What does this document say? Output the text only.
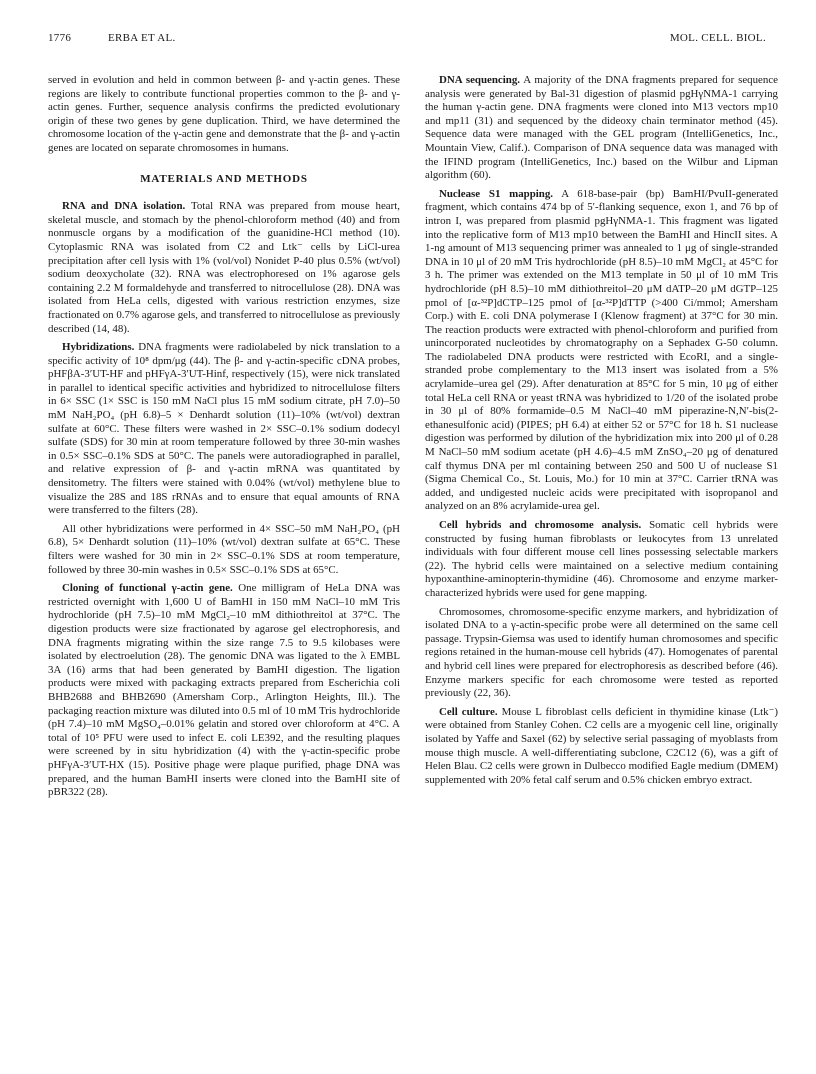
1776	ERBA ET AL.	MOL. CELL. BIOL.

served in evolution and held in common between β- and γ-actin genes. These regions are likely to contribute functional properties common to the β- and γ-actin genes. Further, sequence analysis confirms the predicted evolutionary origin of these two genes by gene duplication. Third, we have determined the chromosome location of the γ-actin gene and demonstrate that the β- and γ-actin genes are located on separate chromosomes in humans.

MATERIALS AND METHODS

RNA and DNA isolation. Total RNA was prepared from mouse heart, skeletal muscle, and stomach by the phenol-chloroform method (40) and from nonmuscle organs by a modification of the guanidine-HCl method (10). Cytoplasmic RNA was isolated from C2 and Ltk⁻ cells by LiCl-urea precipitation after cell lysis with 1% (vol/vol) Nonidet P-40 plus 0.5% (wt/vol) sodium deoxycholate (32). RNA was electrophoresed on 1% agarose gels containing 2.2 M formaldehyde and transferred to nitrocellulose (28). DNA was isolated from HeLa cells, digested with various restriction enzymes, size fractionated on 0.7% agarose gels, and transferred to nitrocellulose as previously described (14, 48).

Hybridizations. DNA fragments were radiolabeled by nick translation to a specific activity of 10⁸ dpm/μg (44). The β- and γ-actin-specific cDNA probes, pHFβA-3′UT-HF and pHFγA-3′UT-Hinf, respectively (15), were nick translated in parallel to identical specific activities and hybridized to nitrocellulose filters in 6× SSC (1× SSC is 150 mM NaCl plus 15 mM sodium citrate, pH 7.0)–50 mM NaH₂PO₄ (pH 6.8)–5 × Denhardt solution (11)–10% (wt/vol) dextran sulfate at 60°C. These filters were washed in 2× SSC–0.1% sodium dodecyl sulfate (SDS) for 30 min at room temperature followed by three 30-min washes in 0.5× SSC–0.1% SDS at 50°C. The panels were autoradiographed in parallel, and relative expression of β- and γ-actin mRNA was quantitated by densitometry. The filters were stained with 0.04% (wt/vol) methylene blue to visualize the 28S and 18S rRNAs and to ensure that equal amounts of RNA were transferred to the filters (28).

All other hybridizations were performed in 4× SSC–50 mM NaH₂PO₄ (pH 6.8), 5× Denhardt solution (11)–10% (wt/vol) dextran sulfate at 65°C. These filters were washed for 30 min in 2× SSC–0.1% SDS at room temperature, followed by three 30-min washes in 0.5× SSC–0.1% SDS at 65°C.

Cloning of functional γ-actin gene. One milligram of HeLa DNA was restricted overnight with 1,600 U of BamHI in 150 mM NaCl–10 mM Tris hydrochloride (pH 7.5)–10 mM MgCl₂–10 mM dithiothreitol at 37°C. The digestion products were size fractionated by agarose gel electrophoresis, and DNA fragments migrating within the size range 7.5 to 9.5 kilobases were isolated by electroelution (28). The genomic DNA was ligated to the λ EMBL 3A (16) arms that had been generated by BamHI digestion. The ligation products were mixed with packaging extracts prepared from Escherichia coli BHB2688 and BHB2690 (Amersham Corp., Arlington Heights, Ill.). The packaging reaction mixture was diluted into 0.5 ml of 10 mM Tris hydrochloride (pH 7.4)–10 mM MgSO₄–0.01% gelatin and stored over chloroform at 4°C. A total of 10⁵ PFU were used to infect E. coli LE392, and the resulting plaques were screened by in situ hybridization (4) with the γ-actin-specific probe pHFγA-3′UT-HX (15). Positive phage were plaque purified, phage DNA was prepared, and the human BamHI inserts were cloned into the BamHI site of pBR322 (28).

DNA sequencing. A majority of the DNA fragments prepared for sequence analysis were generated by Bal-31 digestion of plasmid pgHγNMA-1 carrying the human γ-actin gene. DNA fragments were cloned into M13 vectors mp10 and mp11 (31) and sequenced by the dideoxy chain terminator method (45). Sequence data were managed with the GEL program (IntelliGenetics, Inc., Mountain View, Calif.). Comparison of DNA sequence data was managed with the IFIND program (IntelliGenetics, Inc.) based on the Wilbur and Lipman algorithm (60).

Nuclease S1 mapping. A 618-base-pair (bp) BamHI/PvuII-generated fragment, which contains 474 bp of 5′-flanking sequence, exon 1, and 76 bp of intron I, was prepared from plasmid pgHγNMA-1. This fragment was ligated into the replicative form of M13 mp10 between the BamHI and HincII sites. A 1-ng amount of M13 sequencing primer was annealed to 1 μg of single-stranded DNA in 10 μl of 20 mM Tris hydrochloride (pH 8.5)–10 mM MgCl₂ at 45°C for 3 h. The primer was extended on the M13 template in 50 μl of 10 mM Tris hydrochloride (pH 8.5)–10 mM dithiothreitol–20 μM dATP–20 μM dGTP–125 pmol of [α-³²P]dCTP–125 pmol of [α-³²P]dTTP (>400 Ci/mmol; Amersham Corp.) with E. coli DNA polymerase I (Klenow fragment) at 37°C for 30 min. The reaction products were extracted with phenol-chloroform and purified from unincorporated nucleotides by chromatography on a Sephadex G-50 column. The radiolabeled DNA products were restricted with EcoRI, and a single-stranded probe complementary to the M13 insert was isolated from a 5% acrylamide–urea gel (29). After denaturation at 85°C for 5 min, 10 μg of either total HeLa cell RNA or yeast tRNA was hybridized to 1/20 of the isolated probe in 30 μl of 80% formamide–0.5 M NaCl–40 mM piperazine-N,N′-bis(2-ethanesulfonic acid) (PIPES; pH 6.4) at either 52 or 57°C for 18 h. S1 nuclease digestion was performed by dilution of the hybridization mix into 200 μl of 0.28 M NaCl–50 mM sodium acetate (pH 4.6)–4.5 mM ZnSO₄–20 μg of denatured calf thymus DNA per ml containing between 250 and 500 U of nuclease S1 (Sigma Chemical Co., St. Louis, Mo.) for 10 min at 37°C. Carrier tRNA was added, and undigested nucleic acids were precipitated with isopropanol and analyzed on an 8% acrylamide-urea gel.

Cell hybrids and chromosome analysis. Somatic cell hybrids were constructed by fusing human fibroblasts or leukocytes from 13 unrelated individuals with four different mouse cell lines possessing selectable markers (22). The hybrid cells were maintained on a selective medium containing hypoxanthine-aminopterin-thymidine (46). Chromosome and enzyme marker-characterized hybrids were used for gene mapping.

Chromosomes, chromosome-specific enzyme markers, and hybridization of isolated DNA to a γ-actin-specific probe were all determined on the same cell passage. Trypsin-Giemsa was used to identify human chromosomes and specific regions retained in the human-mouse cell hybrids (47). Homogenates of parental and hybrid cell lines were prepared for electrophoresis as described before (46). Enzyme markers specific for each chromosome were tested as reported previously (22, 36).

Cell culture. Mouse L fibroblast cells deficient in thymidine kinase (Ltk⁻) were obtained from Stanley Cohen. C2 cells are a myogenic cell line, originally isolated by Yaffe and Saxel (62) by selective serial passaging of myoblasts from mouse thigh muscle. A well-differentiating subclone, C2C12 (6), was a gift of Helen Blau. C2 cells were grown in Dulbecco modified Eagle medium (DMEM) supplemented with 20% fetal calf serum and 0.5% chicken embryo extract.
